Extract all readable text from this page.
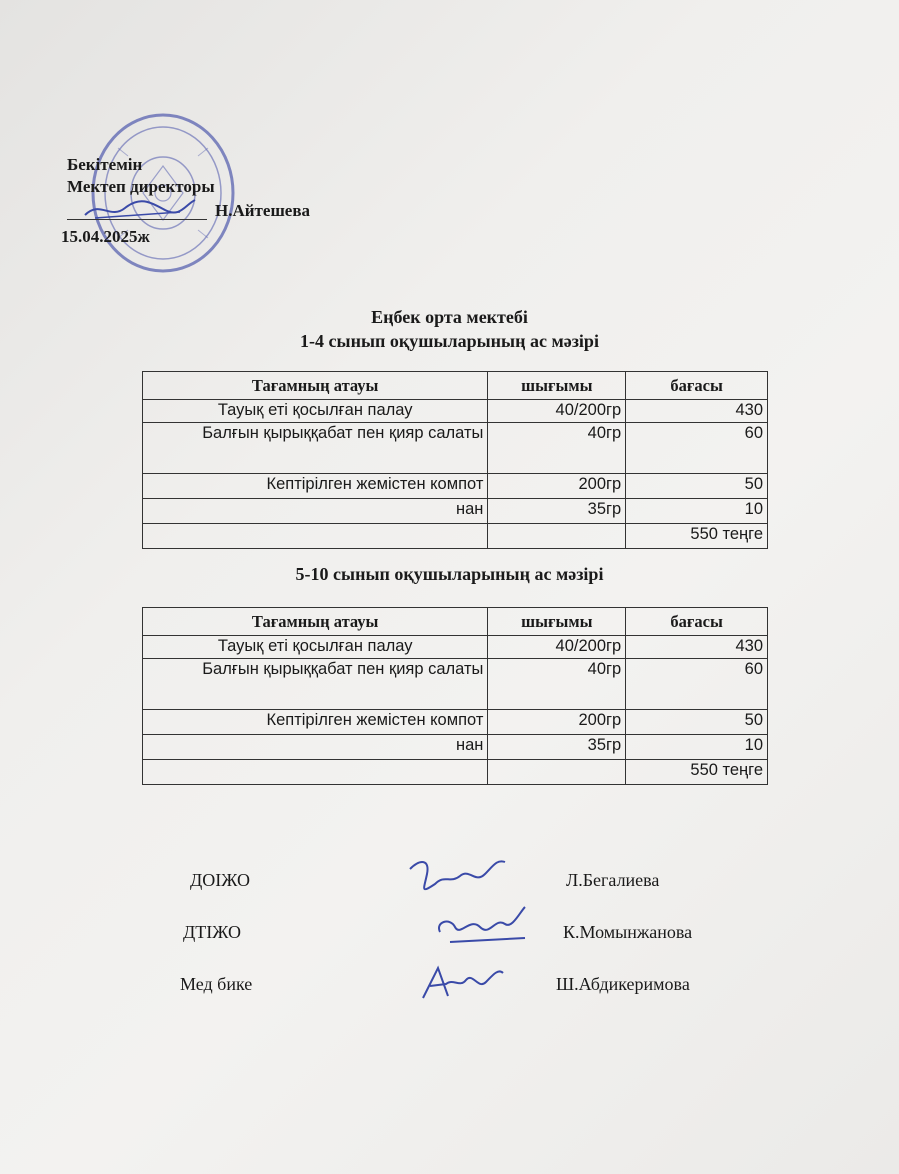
Бекітемін
Мектеп директоры
Н.Айтешева
15.04.2025ж
Еңбек орта мектебі
1-4 сынып оқушыларының ас мәзірі
Тағамның атауы	шығымы	бағасы
Тауық еті қосылған палау	40/200гр	430
Балғын қырыққабат пен қияр салаты	40гр	60
Кептірілген жемістен компот	200гр	50
нан	35гр	10
		550 теңге
5-10 сынып оқушыларының ас мәзірі
Тағамның атауы	шығымы	бағасы
Тауық еті қосылған палау	40/200гр	430
Балғын қырыққабат пен қияр салаты	40гр	60
Кептірілген жемістен компот	200гр	50
нан	35гр	10
		550 теңге
ДОІЖО	Л.Бегалиева
ДТІЖО	К.Момынжанова
Мед бике	Ш.Абдикеримова
